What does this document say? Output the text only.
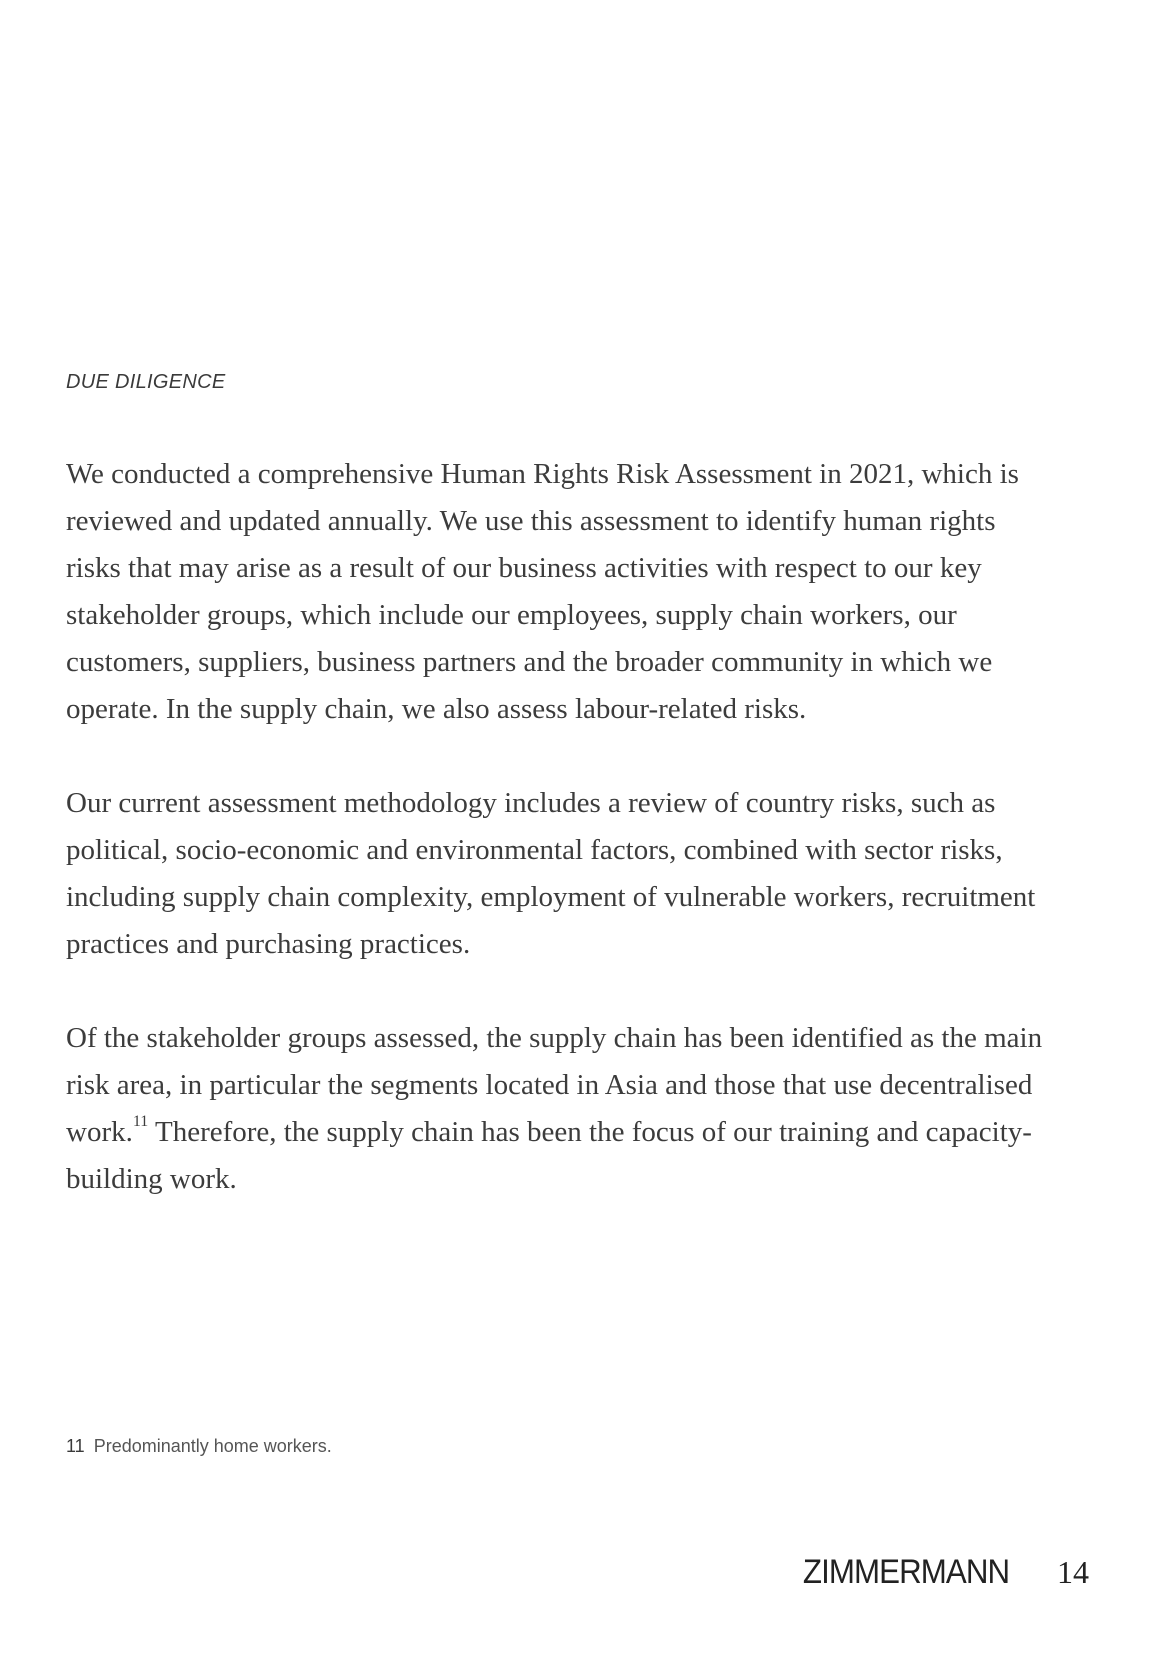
DUE DILIGENCE

We conducted a comprehensive Human Rights Risk Assessment in 2021, which is reviewed and updated annually. We use this assessment to identify human rights risks that may arise as a result of our business activities with respect to our key stakeholder groups, which include our employees, supply chain workers, our customers, suppliers, business partners and the broader community in which we operate. In the supply chain, we also assess labour-related risks.

Our current assessment methodology includes a review of country risks, such as political, socio-economic and environmental factors, combined with sector risks, including supply chain complexity, employment of vulnerable workers, recruitment practices and purchasing practices.

Of the stakeholder groups assessed, the supply chain has been identified as the main risk area, in particular the segments located in Asia and those that use decentralised work.$^{11}$ Therefore, the supply chain has been the focus of our training and capacity-building work.

11 Predominantly home workers.
ZIMMERMANN 14
